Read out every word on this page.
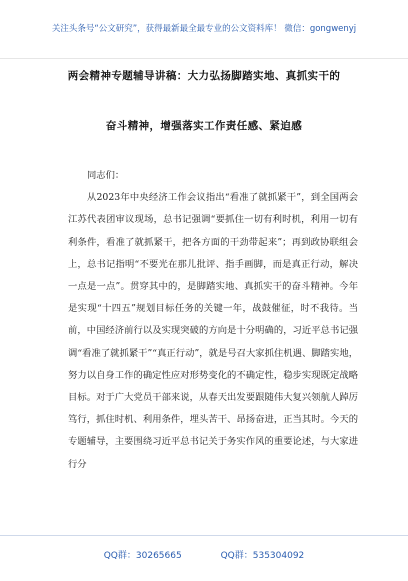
关注头条号“公文研究”，获得最新最全最专业的公文资料库！ 微信：gongwenyj
两会精神专题辅导讲稿：大力弘扬脚踏实地、真抓实干的
奋斗精神，增强落实工作责任感、紧迫感

同志们：

从2023年中央经济工作会议指出“看准了就抓紧干”，到全国两会江苏代表团审议现场，总书记强调“要抓住一切有利时机，利用一切有利条件，看准了就抓紧干，把各方面的干劲带起来”；再到政协联组会上，总书记指明“不要光在那儿批评、指手画脚，而是真正行动，解决一点是一点”。贯穿其中的，是脚踏实地、真抓实干的奋斗精神。今年是实现“十四五”规划目标任务的关键一年，战鼓催征，时不我待。当前，中国经济前行以及实现突破的方向是十分明确的，习近平总书记强调“看准了就抓紧干”“真正行动”，就是号召大家抓住机遇、脚踏实地，努力以自身工作的确定性应对形势变化的不确定性，稳步实现既定战略目标。对于广大党员干部来说，从春天出发要跟随伟大复兴领航人踔厉笃行，抓住时机、利用条件，埋头苦干、昂扬奋进，正当其时。今天的专题辅导，主要围绕习近平总书记关于务实作风的重要论述，与大家进行分

QQ群：30265665	QQ群：535304092
